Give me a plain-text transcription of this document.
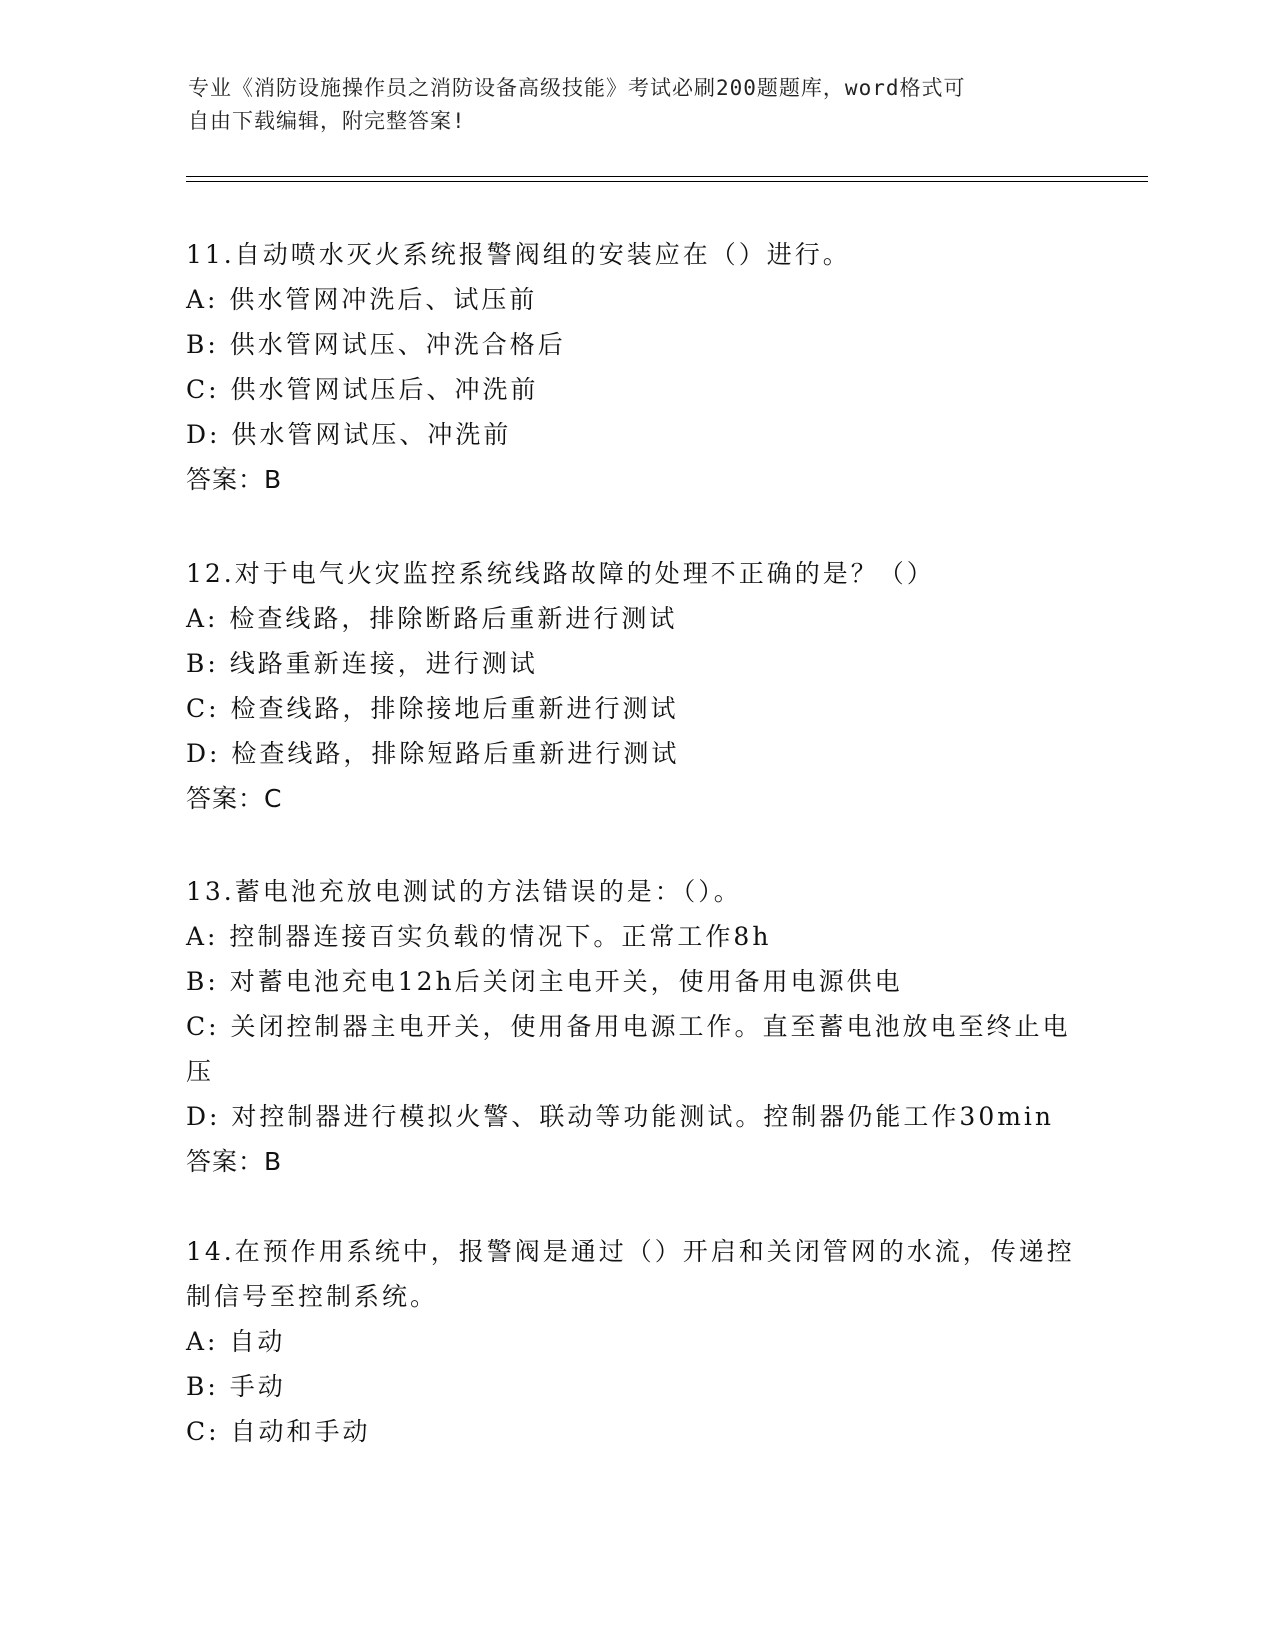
专业《消防设施操作员之消防设备高级技能》考试必刷200题题库，word格式可
自由下载编辑，附完整答案!
11.自动喷水灭火系统报警阀组的安装应在（）进行。
A: 供水管网冲洗后、试压前
B: 供水管网试压、冲洗合格后
C: 供水管网试压后、冲洗前
D: 供水管网试压、冲洗前
答案：B
12.对于电气火灾监控系统线路故障的处理不正确的是？（）
A: 检查线路，排除断路后重新进行测试
B: 线路重新连接，进行测试
C: 检查线路，排除接地后重新进行测试
D: 检查线路，排除短路后重新进行测试
答案：C
13.蓄电池充放电测试的方法错误的是：（）。
A: 控制器连接百实负载的情况下。正常工作8h
B: 对蓄电池充电12h后关闭主电开关，使用备用电源供电
C: 关闭控制器主电开关，使用备用电源工作。直至蓄电池放电至终止电压
D: 对控制器进行模拟火警、联动等功能测试。控制器仍能工作30min
答案：B
14.在预作用系统中，报警阀是通过（）开启和关闭管网的水流，传递控制信号至控制系统。
A: 自动
B: 手动
C: 自动和手动
